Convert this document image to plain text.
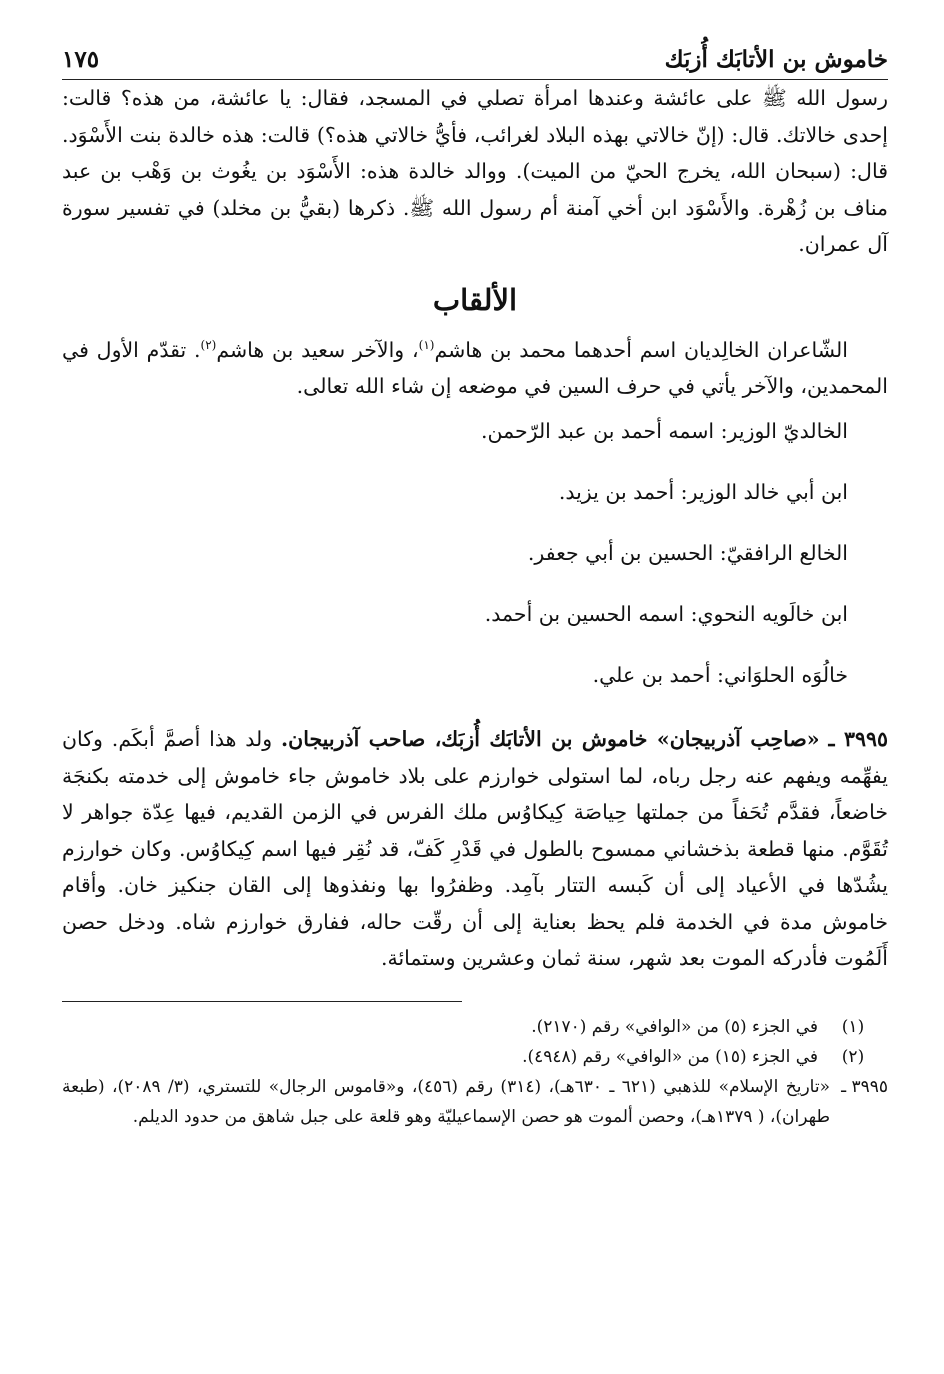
خاموش بن الأتابَك أُزبَك
١٧٥

رسول الله ﷺ على عائشة وعندها امرأة تصلي في المسجد، فقال: يا عائشة، من هذه؟ قالت: إحدى خالاتك. قال: (إنّ خالاتي بهذه البلاد لغرائب، فأيُّ خالاتي هذه؟) قالت: هذه خالدة بنت الأَسْوَد. قال: (سبحان الله، يخرج الحيّ من الميت). ووالد خالدة هذه: الأَسْوَد بن يغُوث بن وَهْب بن عبد مناف بن زُهْرة. والأَسْوَد ابن أخي آمنة أم رسول الله ﷺ. ذكرها (بقيُّ بن مخلد) في تفسير سورة آل عمران.

الألقاب

الشّاعران الخالِديان اسم أحدهما محمد بن هاشم$^{(١)}$، والآخر سعيد بن هاشم$^{(٢)}$. تقدّم الأول في المحمدين، والآخر يأتي في حرف السين في موضعه إن شاء الله تعالى.

الخالديّ الوزير: اسمه أحمد بن عبد الرّحمن.
ابن أبي خالد الوزير: أحمد بن يزيد.
الخالع الرافقيّ: الحسين بن أبي جعفر.
ابن خالَويه النحوي: اسمه الحسين بن أحمد.
خالُوَه الحلوَاني: أحمد بن علي.

٣٩٩٥ ـ «صاحِب آذربيجان» خاموش بن الأتابَك أُزبَك، صاحب آذربيجان. ولد هذا أصمَّ أبكَم. وكان يفهِّمه ويفهم عنه رجل رباه، لما استولى خوارزم على بلاد خاموش جاء خاموش إلى خدمته بكنجَة خاضعاً، فقدَّم تُحَفاً من جملتها حِياصَة كِيكاوُس ملك الفرس في الزمن القديم، فيها عِدّة جواهر لا تُقَوَّم. منها قطعة بذخشاني ممسوح بالطول في قَدْرِ كَفّ، قد نُقِر فيها اسم كِيكاوُس. وكان خوارزم يشُدّها في الأعياد إلى أن كَبسه التتار بآمِد. وظفرُوا بها ونفذوها إلى القان جنكيز خان. وأقام خاموش مدة في الخدمة فلم يحظ بعناية إلى أن رقّت حاله، ففارق خوارزم شاه. ودخل حصن أَلَمُوت فأدركه الموت بعد شهر، سنة ثمان وعشرين وستمائة.

(١)
في الجزء (٥) من «الوافي» رقم (٢١٧٠).
(٢)
في الجزء (١٥) من «الوافي» رقم (٤٩٤٨).
٣٩٩٥ ـ
«تاريخ الإسلام» للذهبي (٦٢١ ـ ٦٣٠هـ)، (٣١٤) رقم (٤٥٦)، و«قاموس الرجال» للتستري، (٣/ ٢٠٨٩)، (طبعة طهران)، ( ١٣٧٩هـ)، وحصن ألموت هو حصن الإسماعيليّة وهو قلعة على جبل شاهق من حدود الديلم.
